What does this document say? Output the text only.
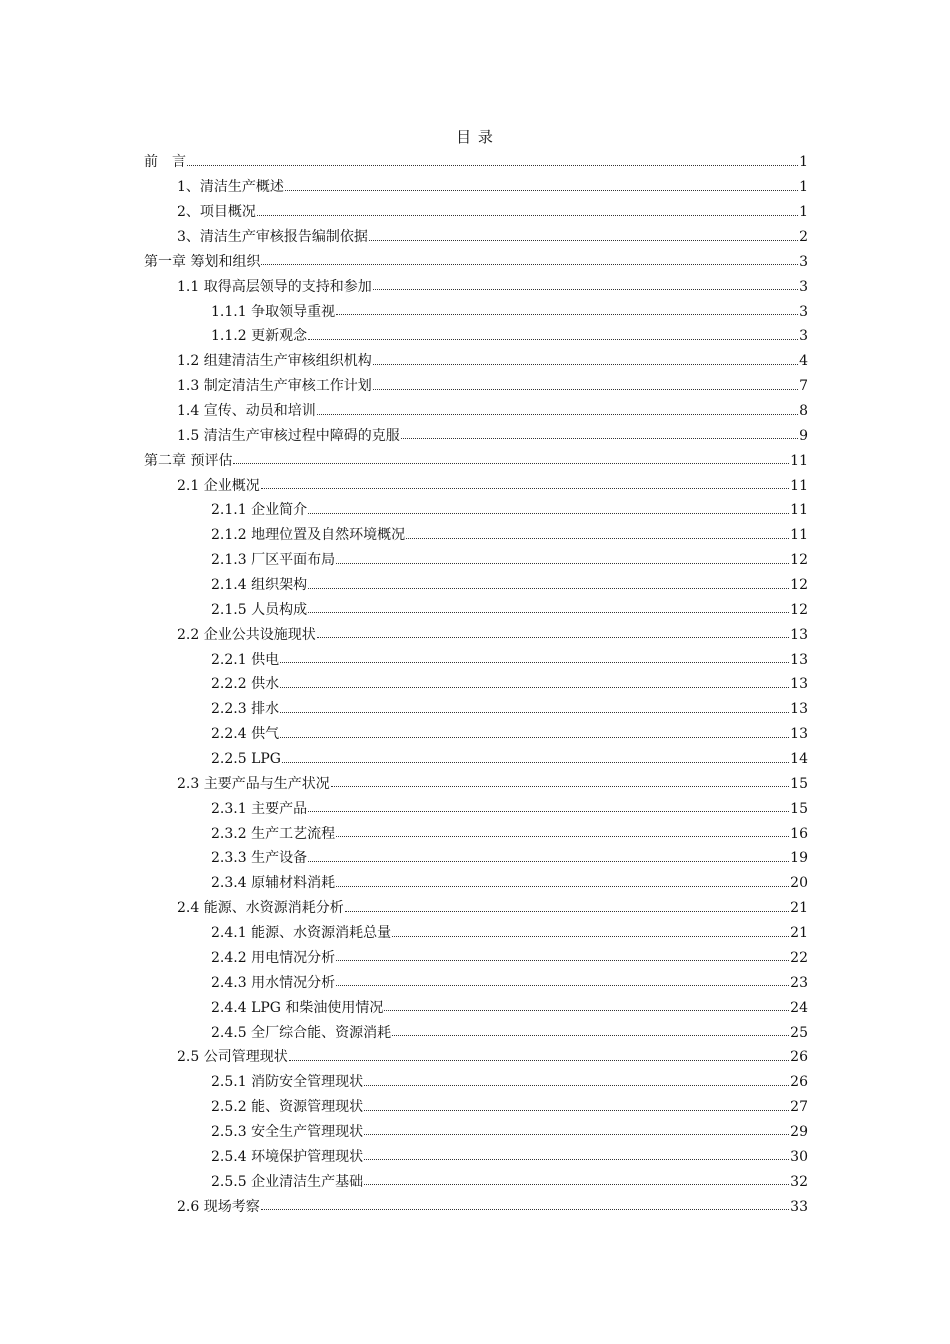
目 录
前　言	1
1、清洁生产概述	1
2、项目概况	1
3、清洁生产审核报告编制依据	2
第一章 筹划和组织	3
1.1 取得高层领导的支持和参加	3
1.1.1 争取领导重视	3
1.1.2 更新观念	3
1.2 组建清洁生产审核组织机构	4
1.3 制定清洁生产审核工作计划	7
1.4 宣传、动员和培训	8
1.5 清洁生产审核过程中障碍的克服	9
第二章 预评估	11
2.1 企业概况	11
2.1.1 企业简介	11
2.1.2 地理位置及自然环境概况	11
2.1.3 厂区平面布局	12
2.1.4 组织架构	12
2.1.5 人员构成	12
2.2 企业公共设施现状	13
2.2.1 供电	13
2.2.2 供水	13
2.2.3 排水	13
2.2.4 供气	13
2.2.5 LPG	14
2.3 主要产品与生产状况	15
2.3.1 主要产品	15
2.3.2 生产工艺流程	16
2.3.3 生产设备	19
2.3.4 原辅材料消耗	20
2.4 能源、水资源消耗分析	21
2.4.1 能源、水资源消耗总量	21
2.4.2 用电情况分析	22
2.4.3 用水情况分析	23
2.4.4 LPG 和柴油使用情况	24
2.4.5 全厂综合能、资源消耗	25
2.5 公司管理现状	26
2.5.1 消防安全管理现状	26
2.5.2 能、资源管理现状	27
2.5.3 安全生产管理现状	29
2.5.4 环境保护管理现状	30
2.5.5 企业清洁生产基础	32
2.6 现场考察	33
